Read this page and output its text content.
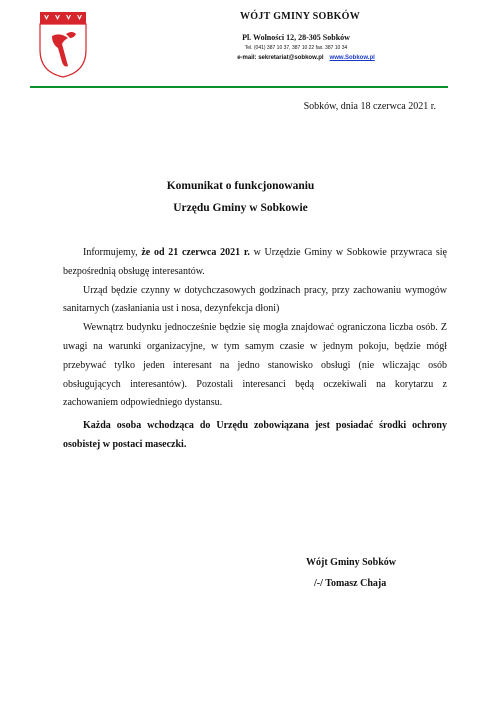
WÓJT GMINY SOBKÓW
Pl. Wolności 12, 28-305 Sobków
Tel. (041) 387 10 37, 387 10 22 fax. 387 10 34
e-mail: sekretariat@sobkow.pl www.Sobkow.pl
Sobków, dnia 18 czerwca 2021 r.
Komunikat o funkcjonowaniu
Urzędu Gminy w Sobkowie

Informujemy, że od 21 czerwca 2021 r. w Urzędzie Gminy w Sobkowie przywraca się bezpośrednią obsługę interesantów.

Urząd będzie czynny w dotychczasowych godzinach pracy, przy zachowaniu wymogów sanitarnych (zasłaniania ust i nosa, dezynfekcja dłoni)

Wewnątrz budynku jednocześnie będzie się mogła znajdować ograniczona liczba osób. Z uwagi na warunki organizacyjne, w tym samym czasie w jednym pokoju, będzie mógł przebywać tylko jeden interesant na jedno stanowisko obsługi (nie wliczając osób obsługujących interesantów). Pozostali interesanci będą oczekiwali na korytarzu z zachowaniem odpowiedniego dystansu.

Każda osoba wchodząca do Urzędu zobowiązana jest posiadać środki ochrony osobistej w postaci maseczki.

Wójt Gminy Sobków
/-/ Tomasz Chaja
